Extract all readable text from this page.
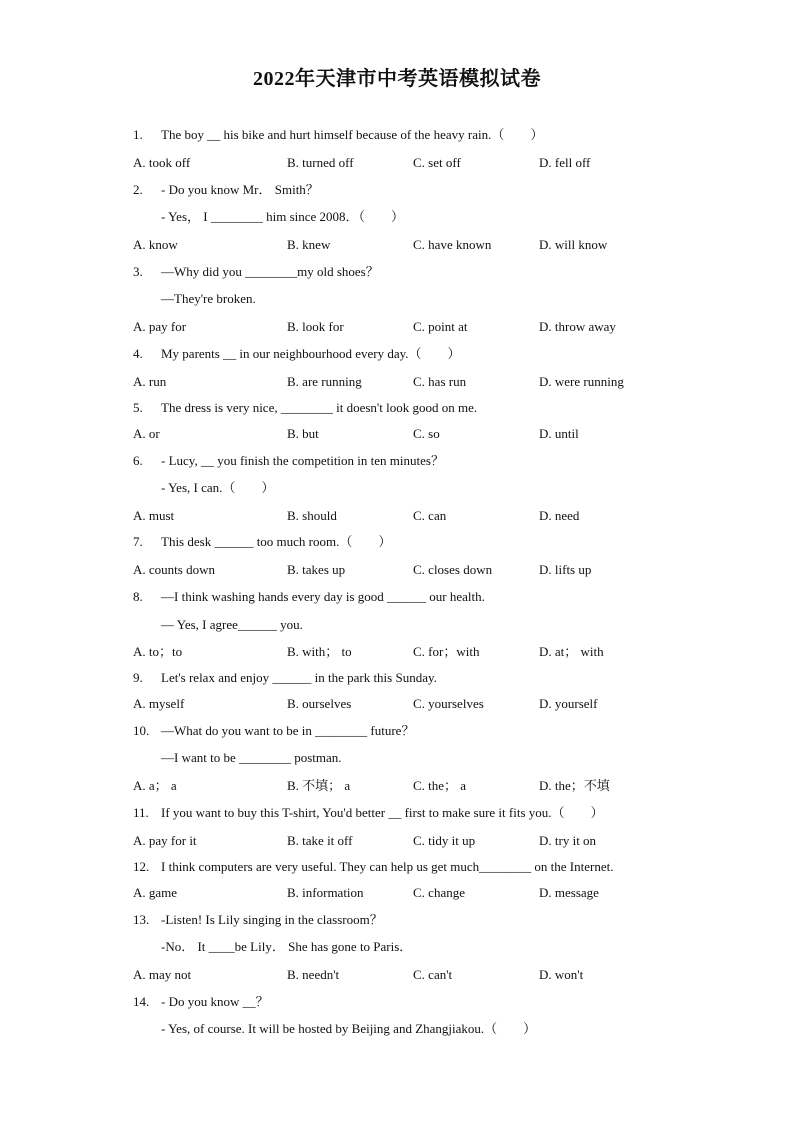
2022年天津市中考英语模拟试卷
1. The boy __ his bike and hurt himself because of the heavy rain.（　　）
A. took off	B. turned off	C. set off	D. fell off
2. - Do you know Mr． Smith？
- Yes， I ________ him since 2008．（　　）
A. know	B. knew	C. have known	D. will know
3. —Why did you ________my old shoes？
—They're broken.
A. pay for	B. look for	C. point at	D. throw away
4. My parents __ in our neighbourhood every day.（　　）
A. run	B. are running	C. has run	D. were running
5. The dress is very nice, ________ it doesn't look good on me.
A. or	B. but	C. so	D. until
6. - Lucy, __ you finish the competition in ten minutes？
- Yes, I can.（　　）
A. must	B. should	C. can	D. need
7. This desk ______ too much room.（　　）
A. counts down	B. takes up	C. closes down	D. lifts up
8. —I think washing hands every day is good ______ our health.
— Yes, I agree______ you.
A. to；to	B. with； to	C. for；with	D. at； with
9. Let's relax and enjoy ______ in the park this Sunday.
A. myself	B. ourselves	C. yourselves	D. yourself
10. —What do you want to be in ________ future？
—I want to be ________ postman.
A. a； a	B. 不填； a	C. the； a	D. the；不填
11. If you want to buy this T-shirt, You'd better __ first to make sure it fits you.（　　）
A. pay for it	B. take it off	C. tidy it up	D. try it on
12. I think computers are very useful. They can help us get much________ on the Internet.
A. game	B. information	C. change	D. message
13. -Listen! Is Lily singing in the classroom？
-No． It ____be Lily． She has gone to Paris．
A. may not	B. needn't	C. can't	D. won't
14. - Do you know __？
- Yes, of course. It will be hosted by Beijing and Zhangjiakou.（　　）
